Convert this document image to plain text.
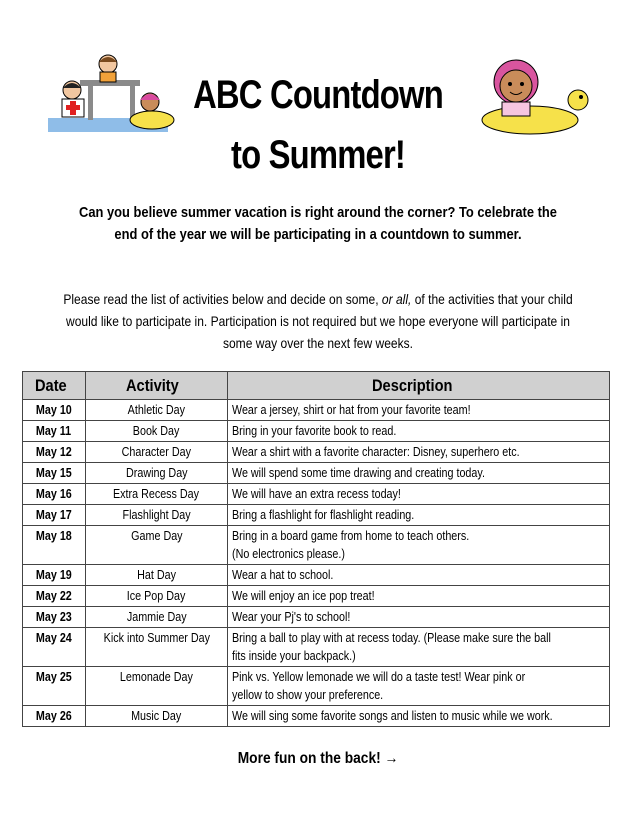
ABC Countdown
to Summer!
Can you believe summer vacation is right around the corner? To celebrate the end of the year we will be participating in a countdown to summer.
Please read the list of activities below and decide on some, or all, of the activities that your child would like to participate in. Participation is not required but we hope everyone will participate in some way over the next few weeks.
Date	Activity	Description
May 10	Athletic Day	Wear a jersey, shirt or hat from your favorite team!

May 11	Book Day	Bring in your favorite book to read.

May 12	Character Day	Wear a shirt with a favorite character: Disney, superhero etc.

May 15	Drawing Day	We will spend some time drawing and creating today.

May 16	Extra Recess Day	We will have an extra recess today!

May 17	Flashlight Day	Bring a flashlight for flashlight reading.

May 18	Game Day	Bring in a board game from home to teach others.
(No electronics please.)

May 19	Hat Day	Wear a hat to school.

May 22	Ice Pop Day	We will enjoy an ice pop treat!

May 23	Jammie Day	Wear your Pj's to school!

May 24	Kick into Summer Day	Bring a ball to play with at recess today. (Please make sure the ball
fits inside your backpack.)

May 25	Lemonade Day	Pink vs. Yellow lemonade we will do a taste test! Wear pink or
yellow to show your preference.

May 26	Music Day	We will sing some favorite songs and listen to music while we work.
More fun on the back! →
